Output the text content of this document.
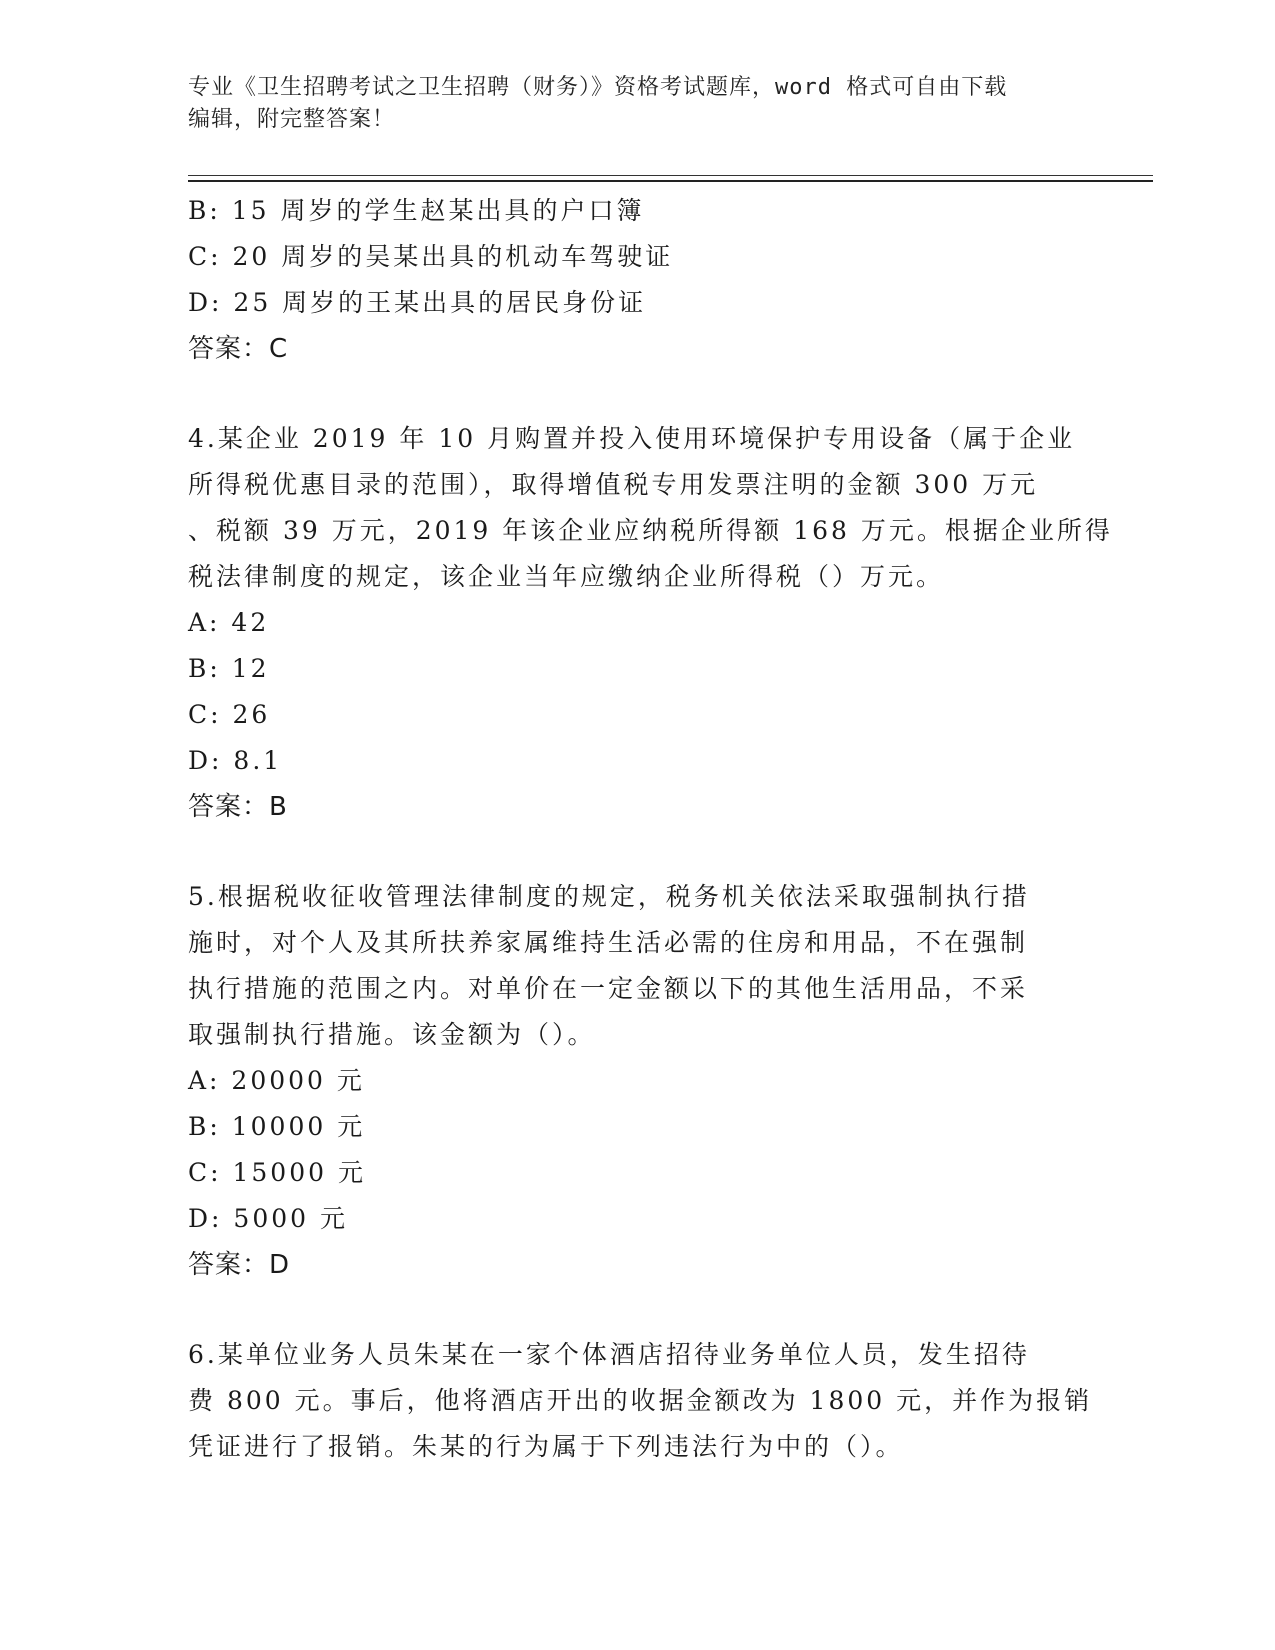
专业《卫生招聘考试之卫生招聘（财务）》资格考试题库，word 格式可自由下载
编辑，附完整答案！
B: 15 周岁的学生赵某出具的户口簿
C: 20 周岁的吴某出具的机动车驾驶证
D: 25 周岁的王某出具的居民身份证
答案：C
4.某企业 2019 年 10 月购置并投入使用环境保护专用设备（属于企业
所得税优惠目录的范围），取得增值税专用发票注明的金额 300 万元
、税额 39 万元，2019 年该企业应纳税所得额 168 万元。根据企业所得
税法律制度的规定，该企业当年应缴纳企业所得税（）万元。
A: 42
B: 12
C: 26
D: 8.1
答案：B
5.根据税收征收管理法律制度的规定，税务机关依法采取强制执行措
施时，对个人及其所扶养家属维持生活必需的住房和用品，不在强制
执行措施的范围之内。对单价在一定金额以下的其他生活用品，不采
取强制执行措施。该金额为（）。
A: 20000 元
B: 10000 元
C: 15000 元
D: 5000 元
答案：D
6.某单位业务人员朱某在一家个体酒店招待业务单位人员，发生招待
费 800 元。事后，他将酒店开出的收据金额改为 1800 元，并作为报销
凭证进行了报销。朱某的行为属于下列违法行为中的（）。
